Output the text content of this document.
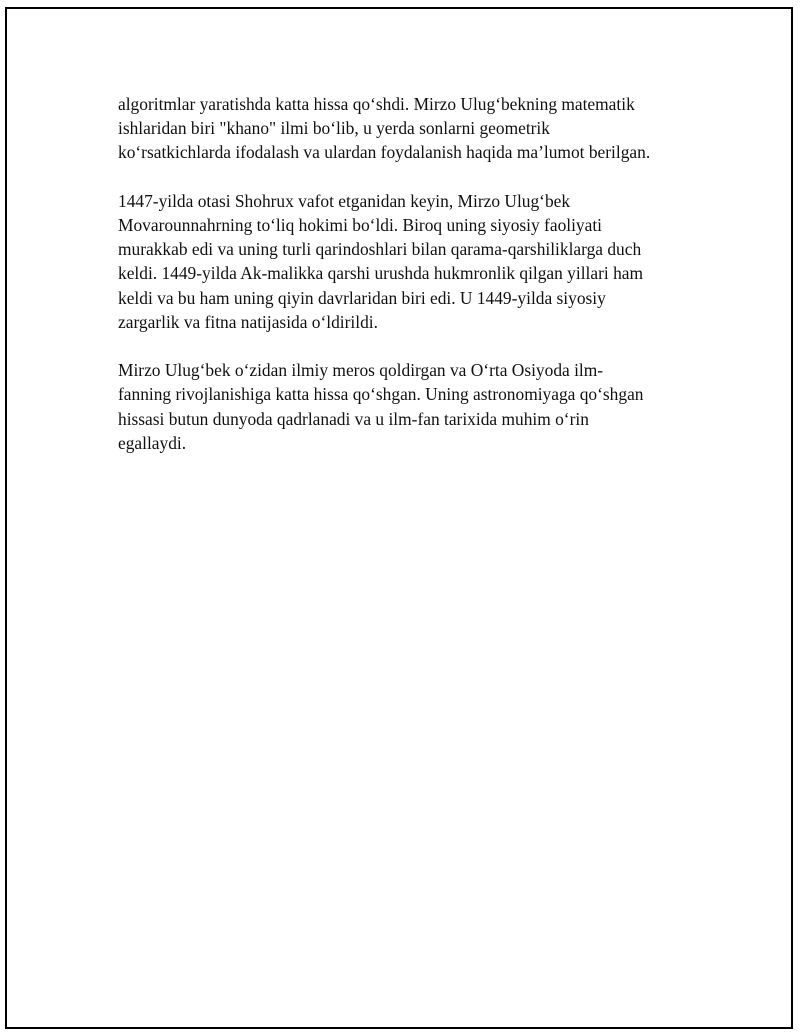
algoritmlar yaratishda katta hissa qo‘shdi. Mirzo Ulug‘bekning matematik
ishlaridan biri "khano" ilmi bo‘lib, u yerda sonlarni geometrik
ko‘rsatkichlarda ifodalash va ulardan foydalanish haqida ma’lumot berilgan.

1447-yilda otasi Shohrux vafot etganidan keyin, Mirzo Ulug‘bek
Movarounnahrning to‘liq hokimi bo‘ldi. Biroq uning siyosiy faoliyati
murakkab edi va uning turli qarindoshlari bilan qarama-qarshiliklarga duch
keldi. 1449-yilda Ak-malikka qarshi urushda hukmronlik qilgan yillari ham
keldi va bu ham uning qiyin davrlaridan biri edi. U 1449-yilda siyosiy
zargarlik va fitna natijasida o‘ldirildi.

Mirzo Ulug‘bek o‘zidan ilmiy meros qoldirgan va O‘rta Osiyoda ilm-
fanning rivojlanishiga katta hissa qo‘shgan. Uning astronomiyaga qo‘shgan
hissasi butun dunyoda qadrlanadi va u ilm-fan tarixida muhim o‘rin
egallaydi.
